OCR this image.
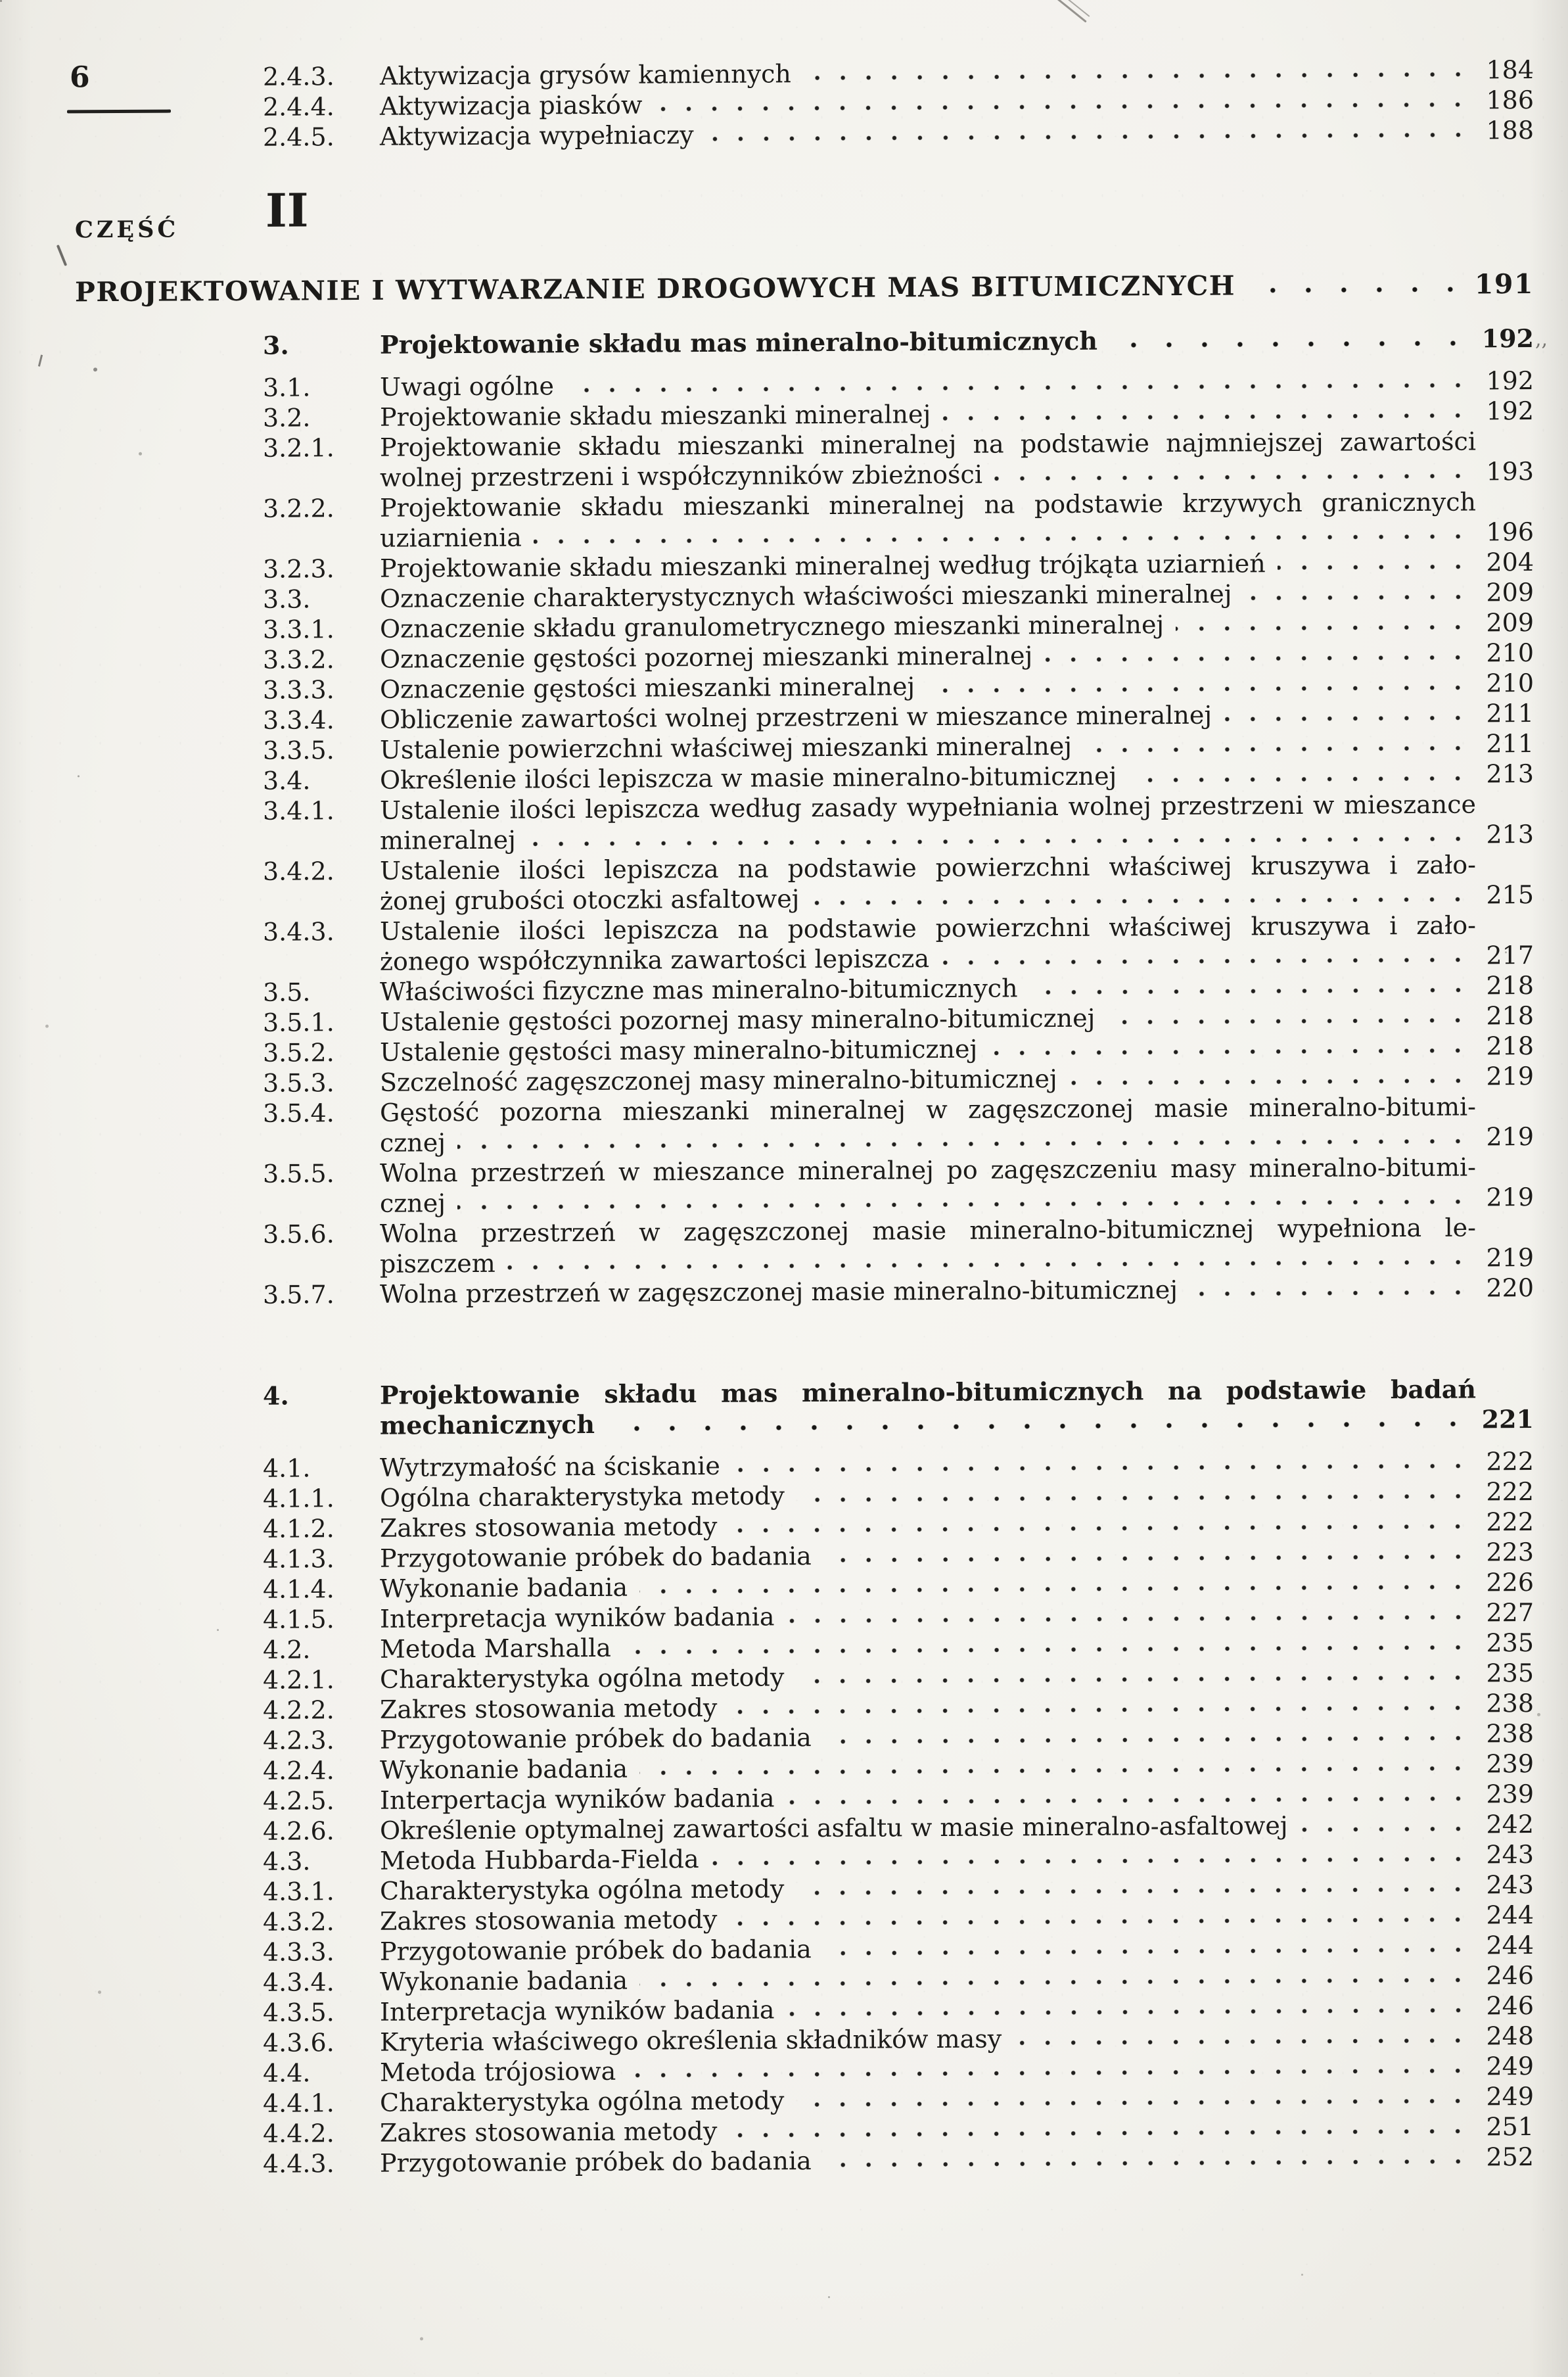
6	2.4.3.	Aktywizacja grysów kamiennych	184
2.4.4.	Aktywizacja piasków	186
2.4.5.	Aktywizacja wypełniaczy	188
CZĘŚĆ II
PROJEKTOWANIE I WYTWARZANIE DROGOWYCH MAS BITUMICZNYCH	191
3.	Projektowanie składu mas mineralno-bitumicznych	192
3.1.	Uwagi ogólne	192
3.2.	Projektowanie składu mieszanki mineralnej	192
3.2.1.	Projektowanie składu mieszanki mineralnej na podstawie najmniejszej zawartości
wolnej przestrzeni i współczynników zbieżności	193
3.2.2.	Projektowanie składu mieszanki mineralnej na podstawie krzywych granicznych
uziarnienia	196
3.2.3.	Projektowanie składu mieszanki mineralnej według trójkąta uziarnień	204
3.3.	Oznaczenie charakterystycznych właściwości mieszanki mineralnej	209
3.3.1.	Oznaczenie składu granulometrycznego mieszanki mineralnej	209
3.3.2.	Oznaczenie gęstości pozornej mieszanki mineralnej	210
3.3.3.	Oznaczenie gęstości mieszanki mineralnej	210
3.3.4.	Obliczenie zawartości wolnej przestrzeni w mieszance mineralnej	211
3.3.5.	Ustalenie powierzchni właściwej mieszanki mineralnej	211
3.4.	Określenie ilości lepiszcza w masie mineralno-bitumicznej	213
3.4.1.	Ustalenie ilości lepiszcza według zasady wypełniania wolnej przestrzeni w mieszance
mineralnej	213
3.4.2.	Ustalenie ilości lepiszcza na podstawie powierzchni właściwej kruszywa i zało-
żonej grubości otoczki asfaltowej	215
3.4.3.	Ustalenie ilości lepiszcza na podstawie powierzchni właściwej kruszywa i zało-
żonego współczynnika zawartości lepiszcza	217
3.5.	Właściwości fizyczne mas mineralno-bitumicznych	218
3.5.1.	Ustalenie gęstości pozornej masy mineralno-bitumicznej	218
3.5.2.	Ustalenie gęstości masy mineralno-bitumicznej	218
3.5.3.	Szczelność zagęszczonej masy mineralno-bitumicznej	219
3.5.4.	Gęstość pozorna mieszanki mineralnej w zagęszczonej masie mineralno-bitumi-
cznej	219
3.5.5.	Wolna przestrzeń w mieszance mineralnej po zagęszczeniu masy mineralno-bitumi-
cznej	219
3.5.6.	Wolna przestrzeń w zagęszczonej masie mineralno-bitumicznej wypełniona le-
piszczem	219
3.5.7.	Wolna przestrzeń w zagęszczonej masie mineralno-bitumicznej	220
4.	Projektowanie składu mas mineralno-bitumicznych na podstawie badań
mechanicznych	221
4.1.	Wytrzymałość na ściskanie	222
4.1.1.	Ogólna charakterystyka metody	222
4.1.2.	Zakres stosowania metody	222
4.1.3.	Przygotowanie próbek do badania	223
4.1.4.	Wykonanie badania	226
4.1.5.	Interpretacja wyników badania	227
4.2.	Metoda Marshalla	235
4.2.1.	Charakterystyka ogólna metody	235
4.2.2.	Zakres stosowania metody	238
4.2.3.	Przygotowanie próbek do badania	238
4.2.4.	Wykonanie badania	239
4.2.5.	Interpertacja wyników badania	239
4.2.6.	Określenie optymalnej zawartości asfaltu w masie mineralno-asfaltowej	242
4.3.	Metoda Hubbarda-Fielda	243
4.3.1.	Charakterystyka ogólna metody	243
4.3.2.	Zakres stosowania metody	244
4.3.3.	Przygotowanie próbek do badania	244
4.3.4.	Wykonanie badania	246
4.3.5.	Interpretacja wyników badania	246
4.3.6.	Kryteria właściwego określenia składników masy	248
4.4.	Metoda trójosiowa	249
4.4.1.	Charakterystyka ogólna metody	249
4.4.2.	Zakres stosowania metody	251
4.4.3.	Przygotowanie próbek do badania	252
,,
